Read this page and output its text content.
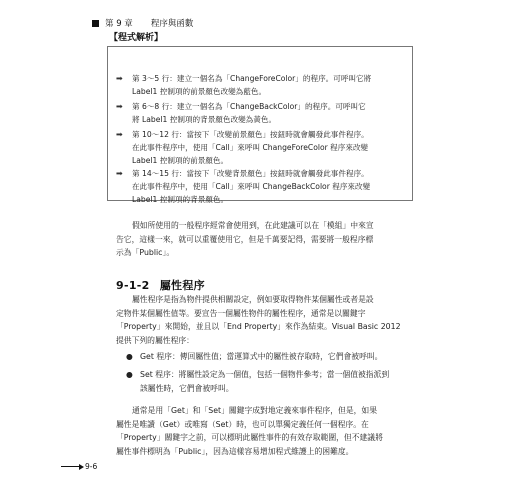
第 9 章 程序與函數
【程式解析】
➡ 第 3～5 行：建立一個名為「ChangeForeColor」的程序。可呼叫它將
Label1 控制項的前景顏色改變為藍色。
➡ 第 6～8 行：建立一個名為「ChangeBackColor」的程序。可呼叫它
將 Label1 控制項的背景顏色改變為黃色。
➡ 第 10～12 行：當按下「改變前景顏色」按鈕時就會觸發此事件程序。
在此事件程序中，使用「Call」來呼叫 ChangeForeColor 程序來改變
Label1 控制項的前景顏色。
➡ 第 14～15 行：當按下「改變背景顏色」按鈕時就會觸發此事件程序。
在此事件程序中，使用「Call」來呼叫 ChangeBackColor 程序來改變
Label1 控制項的背景顏色。
假如所使用的一般程序經常會使用到，在此建議可以在「模組」中來宣
告它，這樣一來，就可以重覆使用它，但是千萬要記得，需要將一般程序標
示為「Public」。
9-1-2 屬性程序
屬性程序是指為物件提供相關設定，例如要取得物件某個屬性或者是設
定物件某個屬性值等。要宣告一個屬性物件的屬性程序，通常是以關鍵字
「Property」來開始，並且以「End Property」來作為結束。Visual Basic 2012
提供下列的屬性程序：
● Get 程序：傳回屬性值；當運算式中的屬性被存取時，它們會被呼叫。
● Set 程序：將屬性設定為一個值，包括一個物件參考；當一個值被指派到
該屬性時，它們會被呼叫。
通常是用「Get」和「Set」關鍵字成對地定義來事件程序，但是，如果
屬性是唯讀（Get）或唯寫（Set）時，也可以單獨定義任何一個程序。在
「Property」關鍵字之前，可以標明此屬性事件的有效存取範圍，但不建議將
屬性事件標明為「Public」，因為這樣容易增加程式維護上的困難度。
9-6
